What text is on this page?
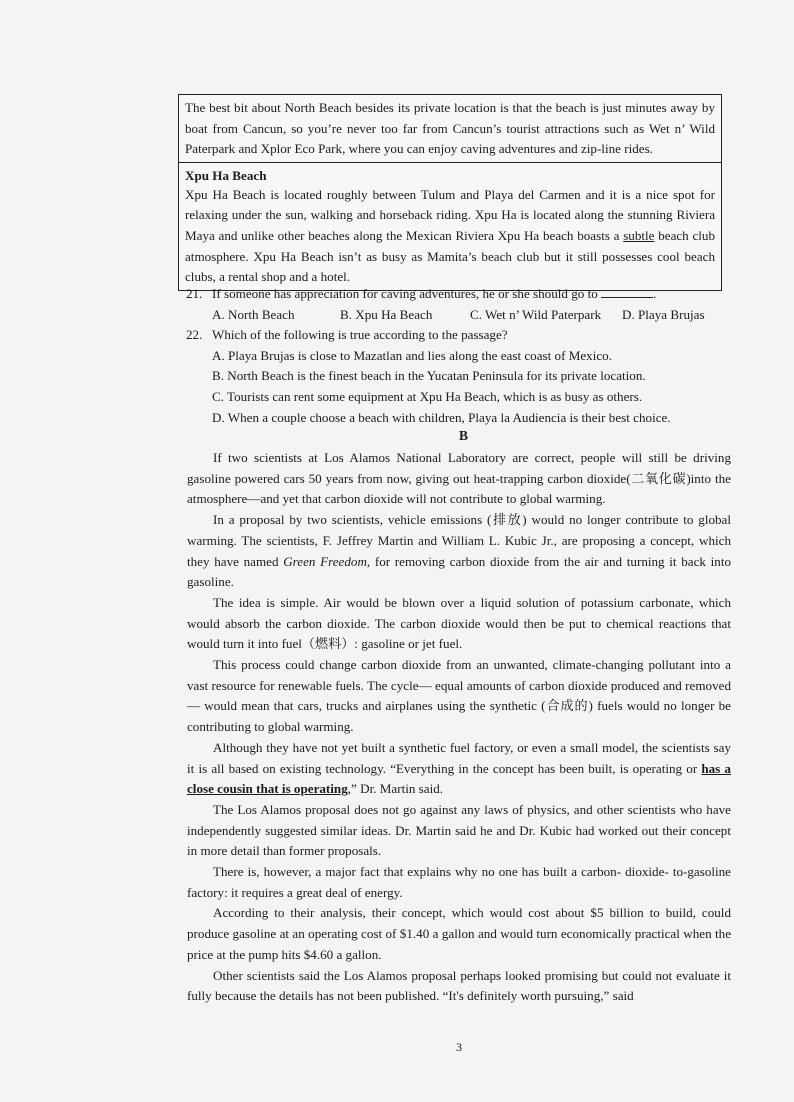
The best bit about North Beach besides its private location is that the beach is just minutes away by boat from Cancun, so you’re never too far from Cancun’s tourist attractions such as Wet n’ Wild Paterpark and Xplor Eco Park, where you can enjoy caving adventures and zip-line rides.
Xpu Ha Beach
Xpu Ha Beach is located roughly between Tulum and Playa del Carmen and it is a nice spot for relaxing under the sun, walking and horseback riding. Xpu Ha is located along the stunning Riviera Maya and unlike other beaches along the Mexican Riviera Xpu Ha beach boasts a subtle beach club atmosphere. Xpu Ha Beach isn’t as busy as Mamita’s beach club but it still possesses cool beach clubs, a rental shop and a hotel.
21. If someone has appreciation for caving adventures, he or she should go to	.
A. North Beach	B. Xpu Ha Beach	C. Wet n’ Wild Paterpark	D. Playa Brujas
22. Which of the following is true according to the passage?
A. Playa Brujas is close to Mazatlan and lies along the east coast of Mexico.
B. North Beach is the finest beach in the Yucatan Peninsula for its private location.
C. Tourists can rent some equipment at Xpu Ha Beach, which is as busy as others.
D. When a couple choose a beach with children, Playa la Audiencia is their best choice.
B

If two scientists at Los Alamos National Laboratory are correct, people will still be driving gasoline powered cars 50 years from now, giving out heat-trapping carbon dioxide(二氧化碳)into the atmosphere—and yet that carbon dioxide will not contribute to global warming.

In a proposal by two scientists, vehicle emissions (排放) would no longer contribute to global warming. The scientists, F. Jeffrey Martin and William L. Kubic Jr., are proposing a concept, which they have named Green Freedom, for removing carbon dioxide from the air and turning it back into gasoline.

The idea is simple. Air would be blown over a liquid solution of potassium carbonate, which would absorb the carbon dioxide. The carbon dioxide would then be put to chemical reactions that would turn it into fuel（燃料）: gasoline or jet fuel.

This process could change carbon dioxide from an unwanted, climate-changing pollutant into a vast resource for renewable fuels. The cycle— equal amounts of carbon dioxide produced and removed— would mean that cars, trucks and airplanes using the synthetic (合成的) fuels would no longer be contributing to global warming.

Although they have not yet built a synthetic fuel factory, or even a small model, the scientists say it is all based on existing technology. “Everything in the concept has been built, is operating or has a close cousin that is operating,” Dr. Martin said.

The Los Alamos proposal does not go against any laws of physics, and other scientists who have independently suggested similar ideas. Dr. Martin said he and Dr. Kubic had worked out their concept in more detail than former proposals.

There is, however, a major fact that explains why no one has built a carbon- dioxide- to-gasoline factory: it requires a great deal of energy.

According to their analysis, their concept, which would cost about $5 billion to build, could produce gasoline at an operating cost of $1.40 a gallon and would turn economically practical when the price at the pump hits $4.60 a gallon.

Other scientists said the Los Alamos proposal perhaps looked promising but could not evaluate it fully because the details has not been published. “It's definitely worth pursuing,” said

3
